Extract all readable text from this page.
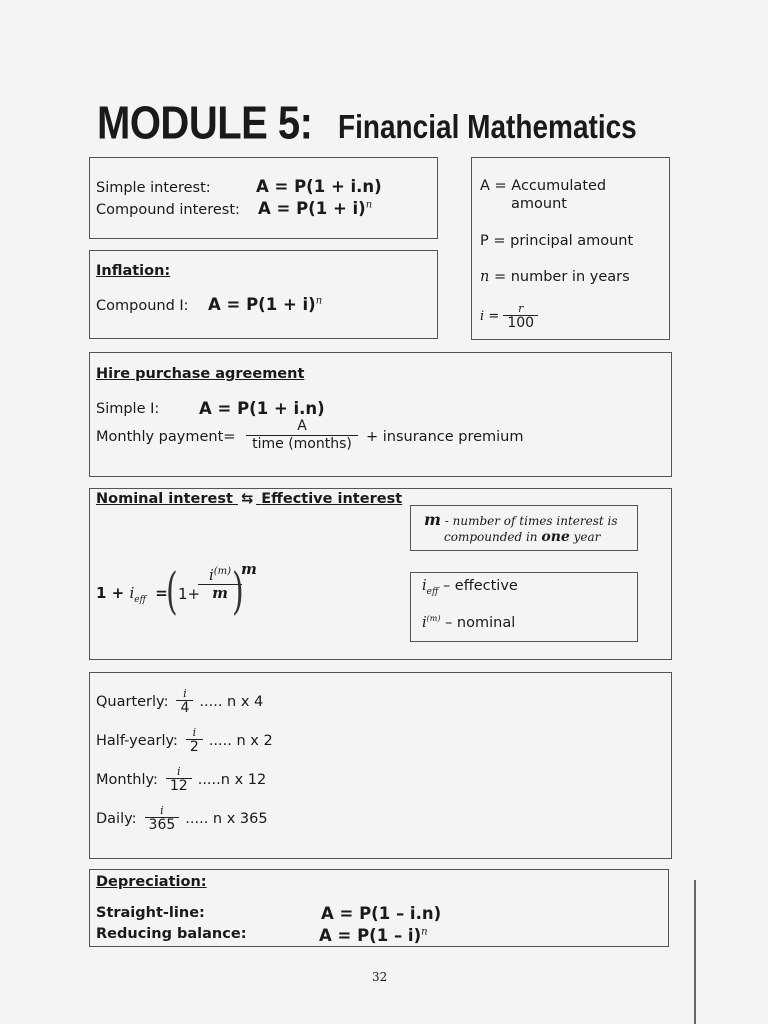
MODULE 5: Financial Mathematics
Simple interest:	A = P(1 + i.n)
Compound interest: $A = P(1 + i)^n$
A = Accumulated
amount
P = principal amount
n = number in years
$i = \frac{r}{100}$
Inflation:
Compound I: $A = P(1 + i)^n$
Hire purchase agreement
Simple I: A = P(1 + i.n)
Monthly payment=
A
time (months) + insurance premium
Nominal interest ⇆ Effective interest
m - number of times interest is
compounded in one year
$1 + i_{eff}$ =
( 1+
$i^{(m)}$
m )
m
$i_{eff}$ – effective
$i^{(m)}$ – nominal
Quarterly: $\frac{i}{4}$ ..... n x 4
Half-yearly: $\frac{i}{2}$ ..... n x 2
Monthly: $\frac{i}{12} .....n$ x 12
Daily: $\frac{i}{365}$ ..... n x 365
Depreciation:
Straight-line:	A = P(1 – i.n)
Reducing balance:	A = P(1 – i)$^n$
32
